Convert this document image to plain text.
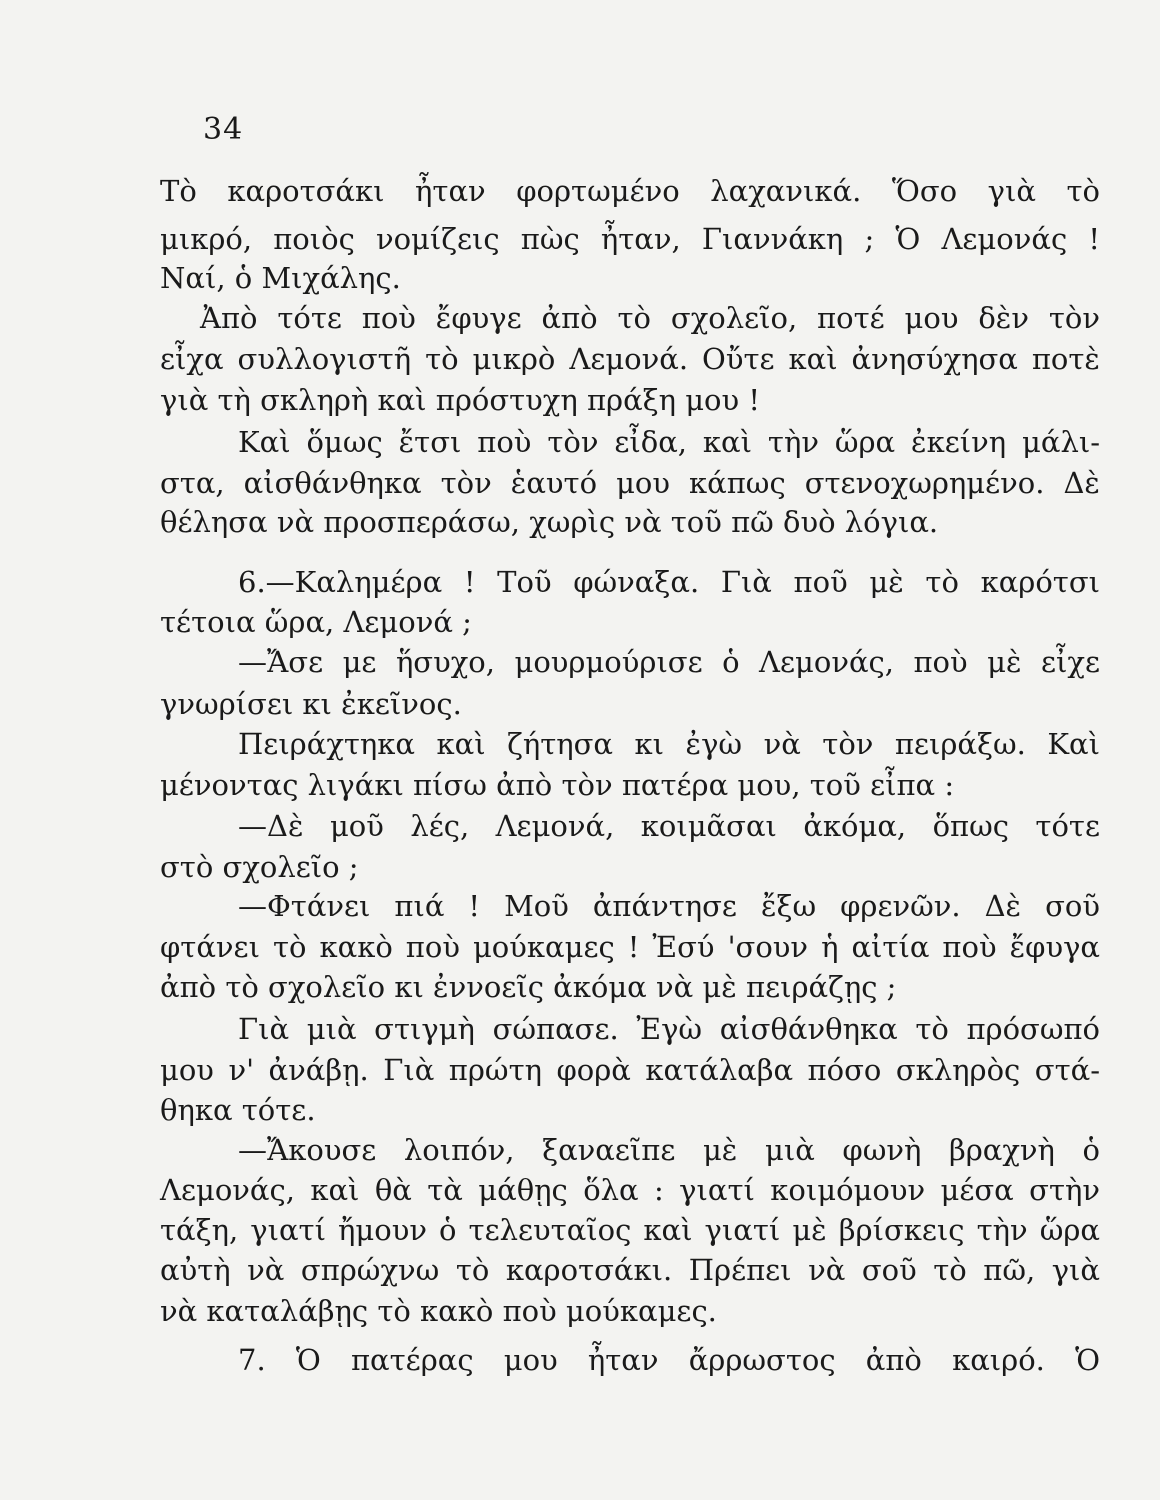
34
Τὸ καροτσάκι ἦταν φορτωμένο λαχανικά. Ὅσο γιὰ τὸ
μικρό, ποιὸς νομίζεις πὼς ἦταν, Γιαννάκη ; Ὁ Λεμονάς !
Ναί, ὁ Μιχάλης.
Ἀπὸ τότε ποὺ ἔφυγε ἀπὸ τὸ σχολεῖο, ποτέ μου δὲν τὸν
εἶχα συλλογιστῆ τὸ μικρὸ Λεμονά. Οὔτε καὶ ἀνησύχησα ποτὲ
γιὰ τὴ σκληρὴ καὶ πρόστυχη πράξη μου !
Καὶ ὅμως ἔτσι ποὺ τὸν εἶδα, καὶ τὴν ὥρα ἐκείνη μάλι-
στα, αἰσθάνθηκα τὸν ἑαυτό μου κάπως στενοχωρημένο. Δὲ
θέλησα νὰ προσπεράσω, χωρὶς νὰ τοῦ πῶ δυὸ λόγια.
6.—Καλημέρα ! Τοῦ φώναξα. Γιὰ ποῦ μὲ τὸ καρότσι
τέτοια ὥρα, Λεμονά ;
—Ἄσε με ἥσυχο, μουρμούρισε ὁ Λεμονάς, ποὺ μὲ εἶχε
γνωρίσει κι ἐκεῖνος.
Πειράχτηκα καὶ ζήτησα κι ἐγὼ νὰ τὸν πειράξω. Καὶ
μένοντας λιγάκι πίσω ἀπὸ τὸν πατέρα μου, τοῦ εἶπα :
—Δὲ μοῦ λές, Λεμονά, κοιμᾶσαι ἀκόμα, ὅπως τότε
στὸ σχολεῖο ;
—Φτάνει πιά ! Μοῦ ἀπάντησε ἔξω φρενῶν. Δὲ σοῦ
φτάνει τὸ κακὸ ποὺ μούκαμες ! Ἐσύ 'σουν ἡ αἰτία ποὺ ἔφυγα
ἀπὸ τὸ σχολεῖο κι ἐννοεῖς ἀκόμα νὰ μὲ πειράζῃς ;
Γιὰ μιὰ στιγμὴ σώπασε. Ἐγὼ αἰσθάνθηκα τὸ πρόσωπό
μου ν' ἀνάβῃ. Γιὰ πρώτη φορὰ κατάλαβα πόσο σκληρὸς στά-
θηκα τότε.
—Ἄκουσε λοιπόν, ξαναεῖπε μὲ μιὰ φωνὴ βραχνὴ ὁ
Λεμονάς, καὶ θὰ τὰ μάθῃς ὅλα : γιατί κοιμόμουν μέσα στὴν
τάξη, γιατί ἤμουν ὁ τελευταῖος καὶ γιατί μὲ βρίσκεις τὴν ὥρα
αὐτὴ νὰ σπρώχνω τὸ καροτσάκι. Πρέπει νὰ σοῦ τὸ πῶ, γιὰ
νὰ καταλάβῃς τὸ κακὸ ποὺ μούκαμες.
7. Ὁ πατέρας μου ἦταν ἄρρωστος ἀπὸ καιρό. Ὁ
